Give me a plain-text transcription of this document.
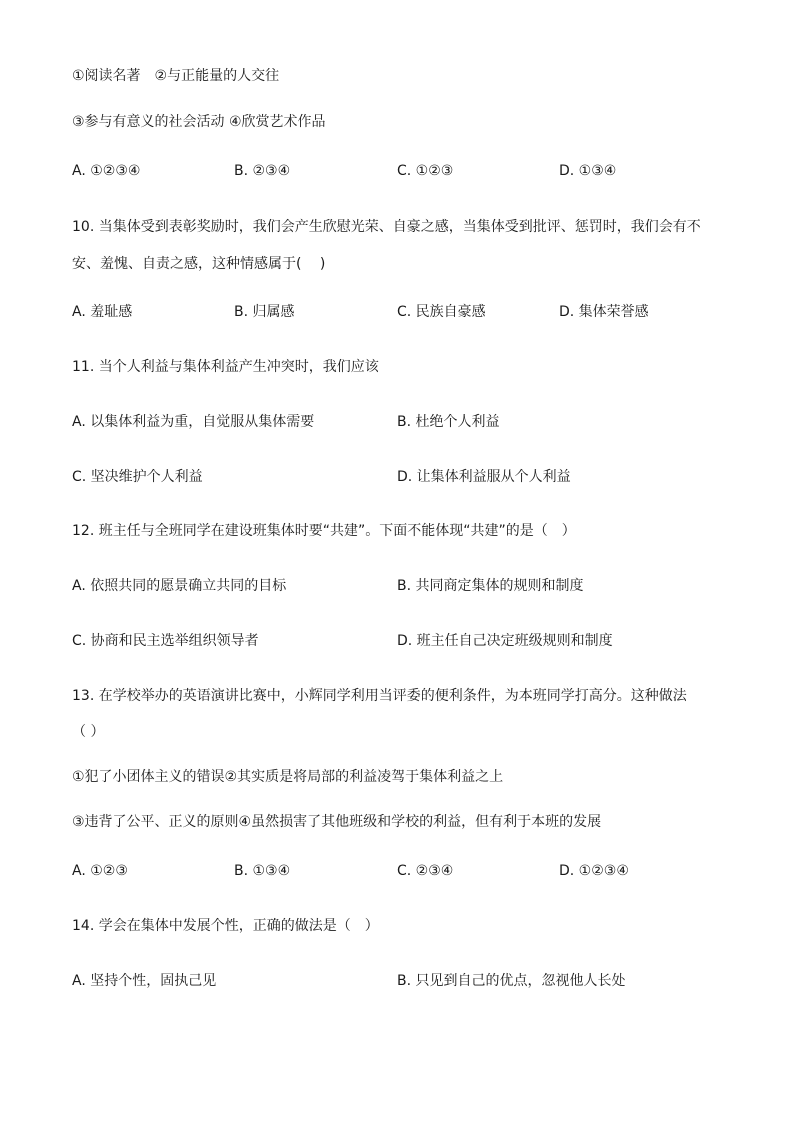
①阅读名著　②与正能量的人交往
③参与有意义的社会活动 ④欣赏艺术作品
A. ①②③④	B. ②③④	C. ①②③	D. ①③④
10. 当集体受到表彰奖励时，我们会产生欣慰光荣、自豪之感，当集体受到批评、惩罚时，我们会有不
安、羞愧、自责之感，这种情感属于(　 )
A. 羞耻感	B. 归属感	C. 民族自豪感	D. 集体荣誉感
11. 当个人利益与集体利益产生冲突时，我们应该
A. 以集体利益为重，自觉服从集体需要	B. 杜绝个人利益
C. 坚决维护个人利益	D. 让集体利益服从个人利益
12. 班主任与全班同学在建设班集体时要“共建”。下面不能体现“共建”的是（　）
A. 依照共同的愿景确立共同的目标	B. 共同商定集体的规则和制度
C. 协商和民主选举组织领导者	D. 班主任自己决定班级规则和制度
13. 在学校举办的英语演讲比赛中，小辉同学利用当评委的便利条件，为本班同学打高分。这种做法
（ ）
①犯了小团体主义的错误②其实质是将局部的利益凌驾于集体利益之上
③违背了公平、正义的原则④虽然损害了其他班级和学校的利益，但有利于本班的发展
A. ①②③	B. ①③④	C. ②③④	D. ①②③④
14. 学会在集体中发展个性，正确的做法是（　）
A. 坚持个性，固执己见	B. 只见到自己的优点，忽视他人长处
